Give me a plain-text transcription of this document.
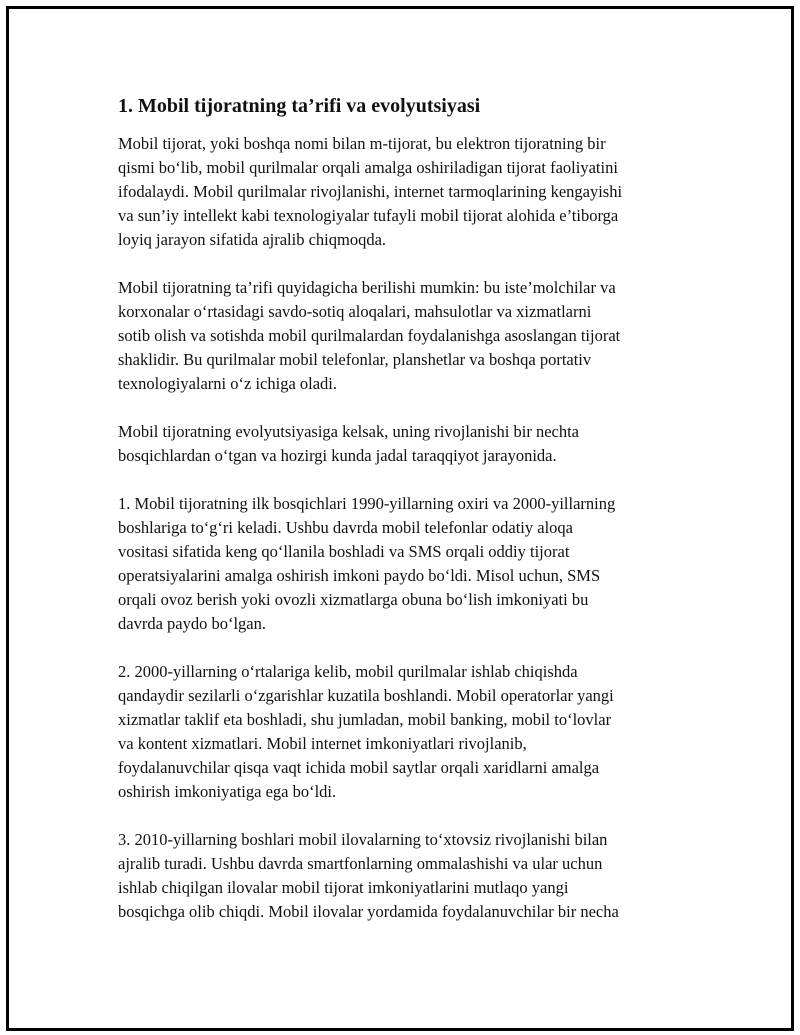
1. Mobil tijoratning ta’rifi va evolyutsiyasi

Mobil tijorat, yoki boshqa nomi bilan m-tijorat, bu elektron tijoratning bir
qismi bo‘lib, mobil qurilmalar orqali amalga oshiriladigan tijorat faoliyatini
ifodalaydi. Mobil qurilmalar rivojlanishi, internet tarmoqlarining kengayishi
va sun’iy intellekt kabi texnologiyalar tufayli mobil tijorat alohida e’tiborga
loyiq jarayon sifatida ajralib chiqmoqda.

Mobil tijoratning ta’rifi quyidagicha berilishi mumkin: bu iste’molchilar va
korxonalar o‘rtasidagi savdo-sotiq aloqalari, mahsulotlar va xizmatlarni
sotib olish va sotishda mobil qurilmalardan foydalanishga asoslangan tijorat
shaklidir. Bu qurilmalar mobil telefonlar, planshetlar va boshqa portativ
texnologiyalarni o‘z ichiga oladi.

Mobil tijoratning evolyutsiyasiga kelsak, uning rivojlanishi bir nechta
bosqichlardan o‘tgan va hozirgi kunda jadal taraqqiyot jarayonida.

1. Mobil tijoratning ilk bosqichlari 1990-yillarning oxiri va 2000-yillarning
boshlariga to‘g‘ri keladi. Ushbu davrda mobil telefonlar odatiy aloqa
vositasi sifatida keng qo‘llanila boshladi va SMS orqali oddiy tijorat
operatsiyalarini amalga oshirish imkoni paydo bo‘ldi. Misol uchun, SMS
orqali ovoz berish yoki ovozli xizmatlarga obuna bo‘lish imkoniyati bu
davrda paydo bo‘lgan.

2. 2000-yillarning o‘rtalariga kelib, mobil qurilmalar ishlab chiqishda
qandaydir sezilarli o‘zgarishlar kuzatila boshlandi. Mobil operatorlar yangi
xizmatlar taklif eta boshladi, shu jumladan, mobil banking, mobil to‘lovlar
va kontent xizmatlari. Mobil internet imkoniyatlari rivojlanib,
foydalanuvchilar qisqa vaqt ichida mobil saytlar orqali xaridlarni amalga
oshirish imkoniyatiga ega bo‘ldi.

3. 2010-yillarning boshlari mobil ilovalarning to‘xtovsiz rivojlanishi bilan
ajralib turadi. Ushbu davrda smartfonlarning ommalashishi va ular uchun
ishlab chiqilgan ilovalar mobil tijorat imkoniyatlarini mutlaqo yangi
bosqichga olib chiqdi. Mobil ilovalar yordamida foydalanuvchilar bir necha
